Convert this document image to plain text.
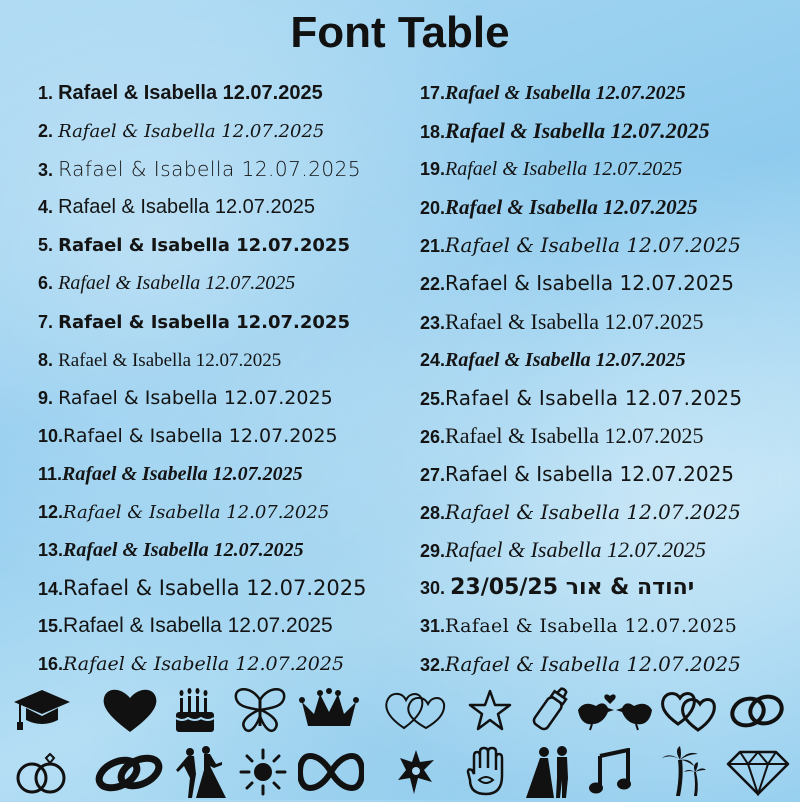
Font Table
1. Rafael & Isabella 12.07.2025
2. Rafael & Isabella 12.07.2025
3. Rafael & Isabella 12.07.2025
4. Rafael & Isabella 12.07.2025
5. Rafael & Isabella 12.07.2025
6. Rafael & Isabella 12.07.2025
7. Rafael & Isabella 12.07.2025
8. Rafael & Isabella 12.07.2025
9. Rafael & Isabella 12.07.2025
10.Rafael & Isabella 12.07.2025
11.Rafael & Isabella 12.07.2025
12.Rafael & Isabella 12.07.2025
13.Rafael & Isabella 12.07.2025
14.Rafael & Isabella 12.07.2025
15.Rafael & Isabella 12.07.2025
16.Rafael & Isabella 12.07.2025
17.Rafael & Isabella 12.07.2025
18.Rafael & Isabella 12.07.2025
19.Rafael & Isabella 12.07.2025
20.Rafael & Isabella 12.07.2025
21.Rafael & Isabella 12.07.2025
22.Rafael & Isabella 12.07.2025
23.Rafael & Isabella 12.07.2025
24.Rafael & Isabella 12.07.2025
25.Rafael & Isabella 12.07.2025
26.Rafael & Isabella 12.07.2025
27.Rafael & Isabella 12.07.2025
28.Rafael & Isabella 12.07.2025
29.Rafael & Isabella 12.07.2025
30. 23/05/25 יהודה & אור
31.Rafael & Isabella 12.07.2025
32.Rafael & Isabella 12.07.2025
